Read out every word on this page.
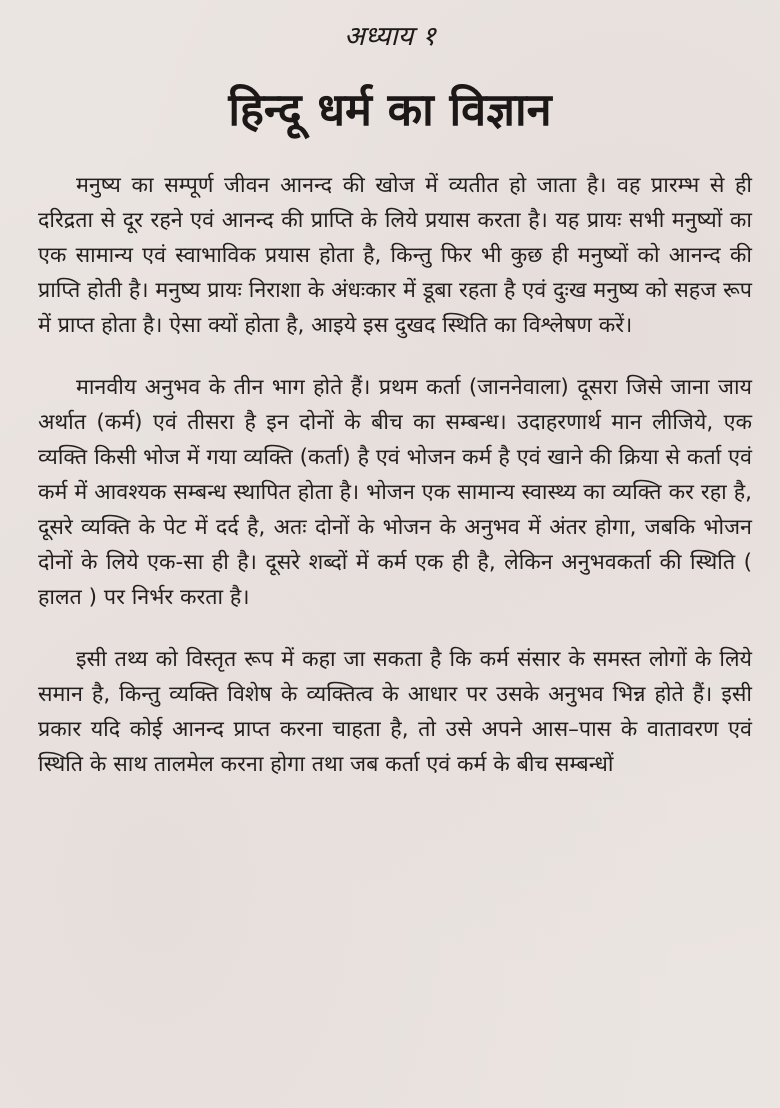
अध्याय १
हिन्दू धर्म का विज्ञान

मनुष्य का सम्पूर्ण जीवन आनन्द की खोज में व्यतीत हो जाता है। वह प्रारम्भ से ही दरिद्रता से दूर रहने एवं आनन्द की प्राप्ति के लिये प्रयास करता है। यह प्रायः सभी मनुष्यों का एक सामान्य एवं स्वाभाविक प्रयास होता है, किन्तु फिर भी कुछ ही मनुष्यों को आनन्द की प्राप्ति होती है। मनुष्य प्रायः निराशा के अंधःकार में डूबा रहता है एवं दुःख मनुष्य को सहज रूप में प्राप्त होता है। ऐसा क्यों होता है, आइये इस दुखद स्थिति का विश्लेषण करें।

मानवीय अनुभव के तीन भाग होते हैं। प्रथम कर्ता (जाननेवाला) दूसरा जिसे जाना जाय अर्थात (कर्म) एवं तीसरा है इन दोनों के बीच का सम्बन्ध। उदाहरणार्थ मान लीजिये, एक व्यक्ति किसी भोज में गया व्यक्ति (कर्ता) है एवं भोजन कर्म है एवं खाने की क्रिया से कर्ता एवं कर्म में आवश्यक सम्बन्ध स्थापित होता है। भोजन एक सामान्य स्वास्थ्य का व्यक्ति कर रहा है, दूसरे व्यक्ति के पेट में दर्द है, अतः दोनों के भोजन के अनुभव में अंतर होगा, जबकि भोजन दोनों के लिये एक-सा ही है। दूसरे शब्दों में कर्म एक ही है, लेकिन अनुभवकर्ता की स्थिति ( हालत ) पर निर्भर करता है।

इसी तथ्य को विस्तृत रूप में कहा जा सकता है कि कर्म संसार के समस्त लोगों के लिये समान है, किन्तु व्यक्ति विशेष के व्यक्तित्व के आधार पर उसके अनुभव भिन्न होते हैं। इसी प्रकार यदि कोई आनन्द प्राप्त करना चाहता है, तो उसे अपने आस–पास के वातावरण एवं स्थिति के साथ तालमेल करना होगा तथा जब कर्ता एवं कर्म के बीच सम्बन्धों
